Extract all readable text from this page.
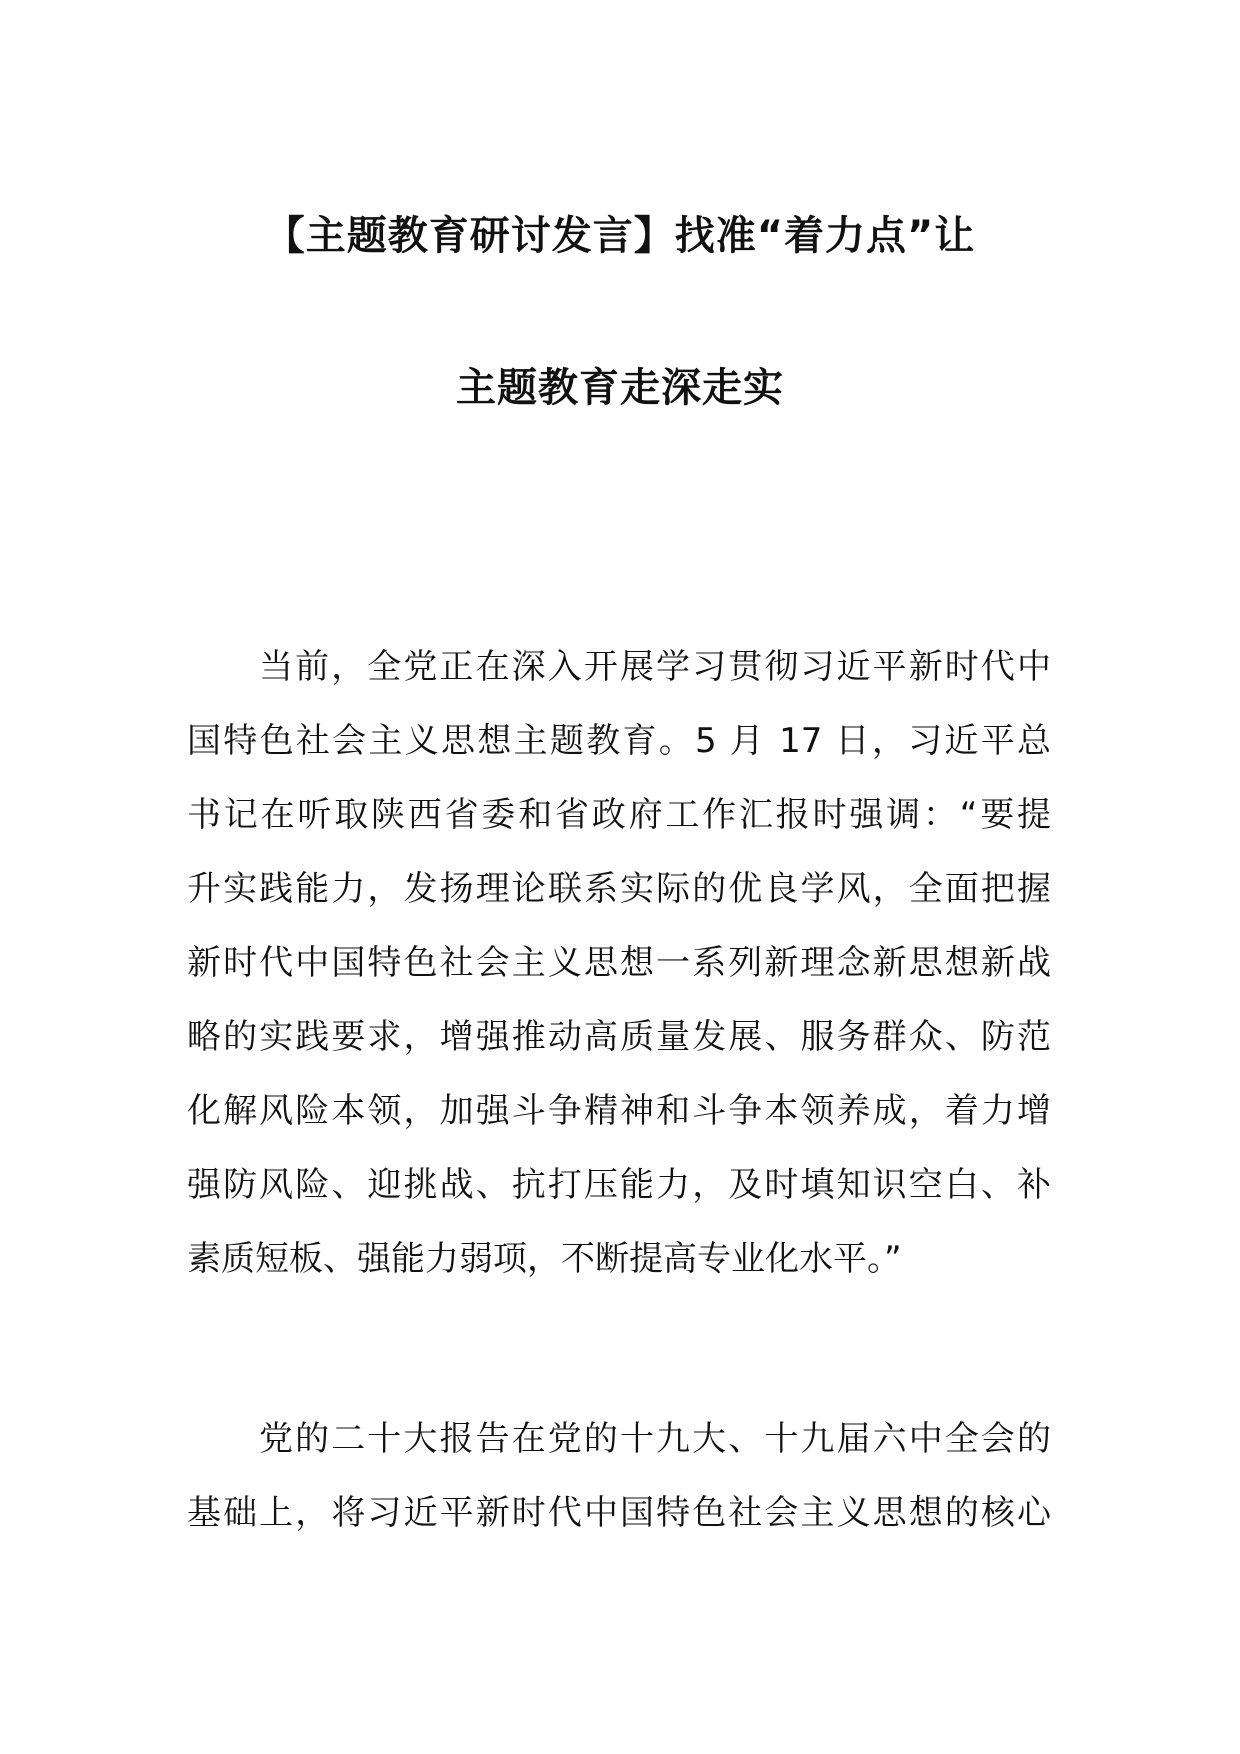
【主题教育研讨发言】找准“着力点”让
主题教育走深走实
当前，全党正在深入开展学习贯彻习近平新时代中
国特色社会主义思想主题教育。5 月 17 日，习近平总
书记在听取陕西省委和省政府工作汇报时强调：“要提
升实践能力，发扬理论联系实际的优良学风，全面把握
新时代中国特色社会主义思想一系列新理念新思想新战
略的实践要求，增强推动高质量发展、服务群众、防范
化解风险本领，加强斗争精神和斗争本领养成，着力增
强防风险、迎挑战、抗打压能力，及时填知识空白、补
素质短板、强能力弱项，不断提高专业化水平。”
党的二十大报告在党的十九大、十九届六中全会的
基础上，将习近平新时代中国特色社会主义思想的核心
